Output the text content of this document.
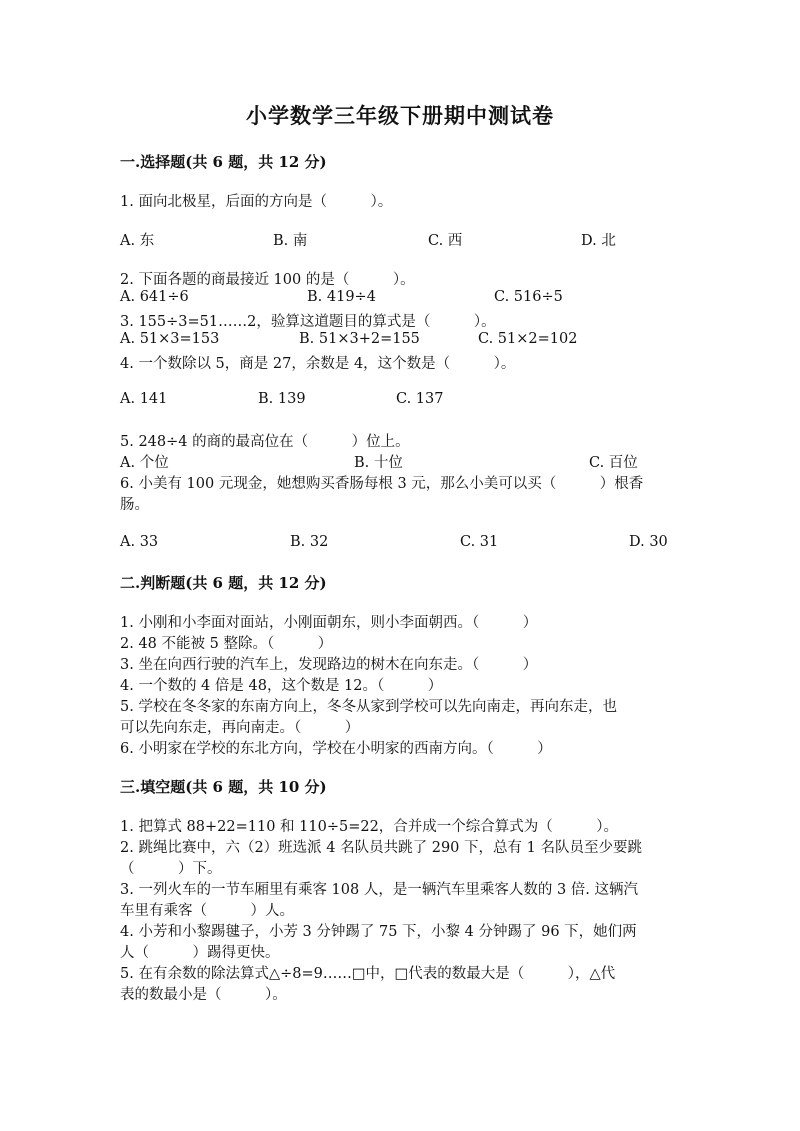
小学数学三年级下册期中测试卷
一.选择题(共 6 题，共 12 分)
1. 面向北极星，后面的方向是（　　　）。
A. 东	B. 南	C. 西	D. 北
2. 下面各题的商最接近 100 的是（　　　）。
A. 641÷6	B. 419÷4	C. 516÷5
3. 155÷3=51……2，验算这道题目的算式是（　　　）。
A. 51×3=153	B. 51×3+2=155	C. 51×2=102
4. 一个数除以 5，商是 27，余数是 4，这个数是（　　　）。
A. 141	B. 139	C. 137
5. 248÷4 的商的最高位在（　　　）位上。
A. 个位	B. 十位	C. 百位
6. 小美有 100 元现金，她想购买香肠每根 3 元，那么小美可以买（　　　）根香
肠。
A. 33	B. 32	C. 31	D. 30
二.判断题(共 6 题，共 12 分)
1. 小刚和小李面对面站，小刚面朝东，则小李面朝西。（　　　）
2. 48 不能被 5 整除。（　　　）
3. 坐在向西行驶的汽车上，发现路边的树木在向东走。（　　　）
4. 一个数的 4 倍是 48，这个数是 12。（　　　）
5. 学校在冬冬家的东南方向上，冬冬从家到学校可以先向南走，再向东走，也
可以先向东走，再向南走。（　　　）
6. 小明家在学校的东北方向，学校在小明家的西南方向。（　　　）
三.填空题(共 6 题，共 10 分)
1. 把算式 88+22=110 和 110÷5=22，合并成一个综合算式为（　　　）。
2. 跳绳比赛中，六（2）班选派 4 名队员共跳了 290 下，总有 1 名队员至少要跳
（　　　）下。
3. 一列火车的一节车厢里有乘客 108 人，是一辆汽车里乘客人数的 3 倍. 这辆汽
车里有乘客（　　　）人。
4. 小芳和小黎踢毽子，小芳 3 分钟踢了 75 下，小黎 4 分钟踢了 96 下，她们两
人（　　　）踢得更快。
5. 在有余数的除法算式△÷8=9……□中，□代表的数最大是（　　　），△代
表的数最小是（　　　）。
